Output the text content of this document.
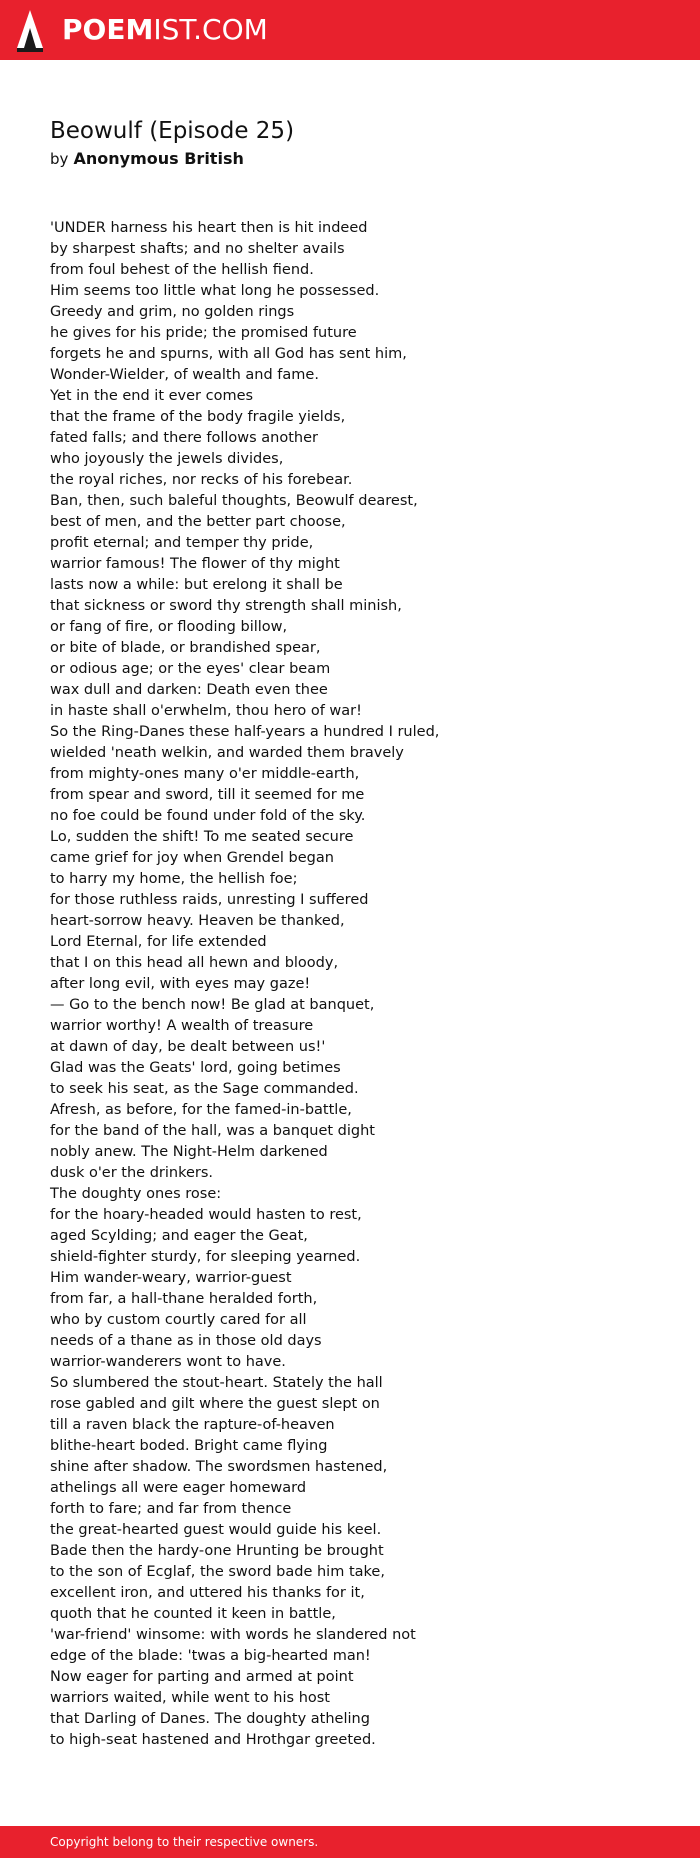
POEMIST.COM
Beowulf (Episode 25)
by Anonymous British
'UNDER harness his heart then is hit indeed
by sharpest shafts; and no shelter avails
from foul behest of the hellish fiend.
Him seems too little what long he possessed.
Greedy and grim, no golden rings
he gives for his pride; the promised future
forgets he and spurns, with all God has sent him,
Wonder-Wielder, of wealth and fame.
Yet in the end it ever comes
that the frame of the body fragile yields,
fated falls; and there follows another
who joyously the jewels divides,
the royal riches, nor recks of his forebear.
Ban, then, such baleful thoughts, Beowulf dearest,
best of men, and the better part choose,
profit eternal; and temper thy pride,
warrior famous! The flower of thy might
lasts now a while: but erelong it shall be
that sickness or sword thy strength shall minish,
or fang of fire, or flooding billow,
or bite of blade, or brandished spear,
or odious age; or the eyes' clear beam
wax dull and darken: Death even thee
in haste shall o'erwhelm, thou hero of war!
So the Ring-Danes these half-years a hundred I ruled,
wielded 'neath welkin, and warded them bravely
from mighty-ones many o'er middle-earth,
from spear and sword, till it seemed for me
no foe could be found under fold of the sky.
Lo, sudden the shift! To me seated secure
came grief for joy when Grendel began
to harry my home, the hellish foe;
for those ruthless raids, unresting I suffered
heart-sorrow heavy. Heaven be thanked,
Lord Eternal, for life extended
that I on this head all hewn and bloody,
after long evil, with eyes may gaze!
— Go to the bench now! Be glad at banquet,
warrior worthy! A wealth of treasure
at dawn of day, be dealt between us!'
Glad was the Geats' lord, going betimes
to seek his seat, as the Sage commanded.
Afresh, as before, for the famed-in-battle,
for the band of the hall, was a banquet dight
nobly anew. The Night-Helm darkened
dusk o'er the drinkers.
The doughty ones rose:
for the hoary-headed would hasten to rest,
aged Scylding; and eager the Geat,
shield-fighter sturdy, for sleeping yearned.
Him wander-weary, warrior-guest
from far, a hall-thane heralded forth,
who by custom courtly cared for all
needs of a thane as in those old days
warrior-wanderers wont to have.
So slumbered the stout-heart. Stately the hall
rose gabled and gilt where the guest slept on
till a raven black the rapture-of-heaven
blithe-heart boded. Bright came flying
shine after shadow. The swordsmen hastened,
athelings all were eager homeward
forth to fare; and far from thence
the great-hearted guest would guide his keel.
Bade then the hardy-one Hrunting be brought
to the son of Ecglaf, the sword bade him take,
excellent iron, and uttered his thanks for it,
quoth that he counted it keen in battle,
'war-friend' winsome: with words he slandered not
edge of the blade: 'twas a big-hearted man!
Now eager for parting and armed at point
warriors waited, while went to his host
that Darling of Danes. The doughty atheling
to high-seat hastened and Hrothgar greeted.
Copyright belong to their respective owners.
